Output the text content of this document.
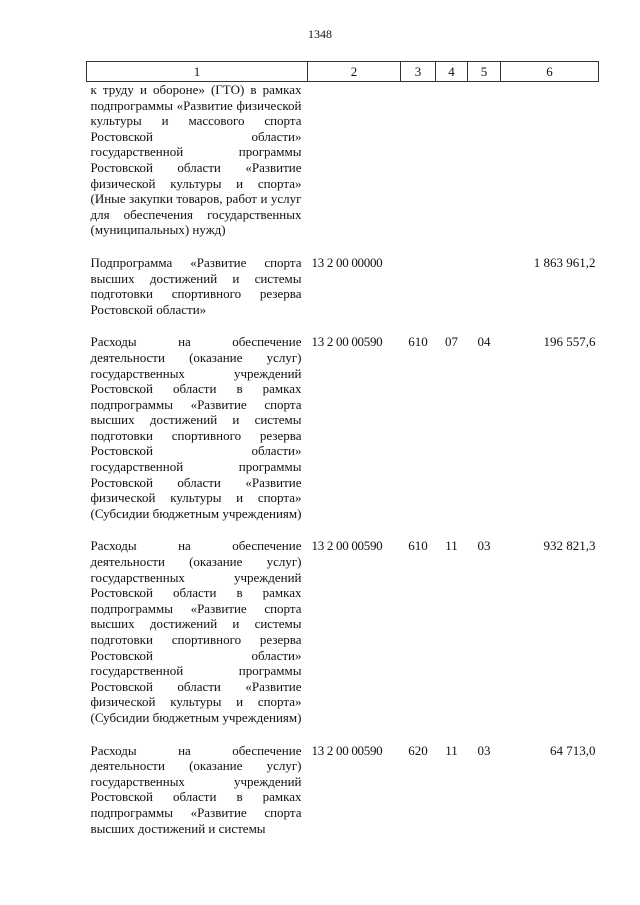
1348
1	2	3	4	5	6
к труду и обороне» (ГТО) в рамках подпрограммы «Развитие физической культуры и массового спорта Ростовской области» государственной программы Ростовской области «Развитие физической культуры и спорта» (Иные закупки товаров, работ и услуг для обеспечения государственных (муниципальных) нужд)					
Подпрограмма «Развитие спорта высших достижений и системы подготовки спортивного резерва Ростовской области»	13 2 00 00000				1 863 961,2
Расходы на обеспечение деятельности (оказание услуг) государственных учреждений Ростовской области в рамках подпрограммы «Развитие спорта высших достижений и системы подготовки спортивного резерва Ростовской области» государственной программы Ростовской области «Развитие физической культуры и спорта» (Субсидии бюджетным учреждениям)	13 2 00 00590	610	07	04	196 557,6
Расходы на обеспечение деятельности (оказание услуг) государственных учреждений Ростовской области в рамках подпрограммы «Развитие спорта высших достижений и системы подготовки спортивного резерва Ростовской области» государственной программы Ростовской области «Развитие физической культуры и спорта» (Субсидии бюджетным учреждениям)	13 2 00 00590	610	11	03	932 821,3
Расходы на обеспечение деятельности (оказание услуг) государственных учреждений Ростовской области в рамках подпрограммы «Развитие спорта высших достижений и системы	13 2 00 00590	620	11	03	64 713,0
